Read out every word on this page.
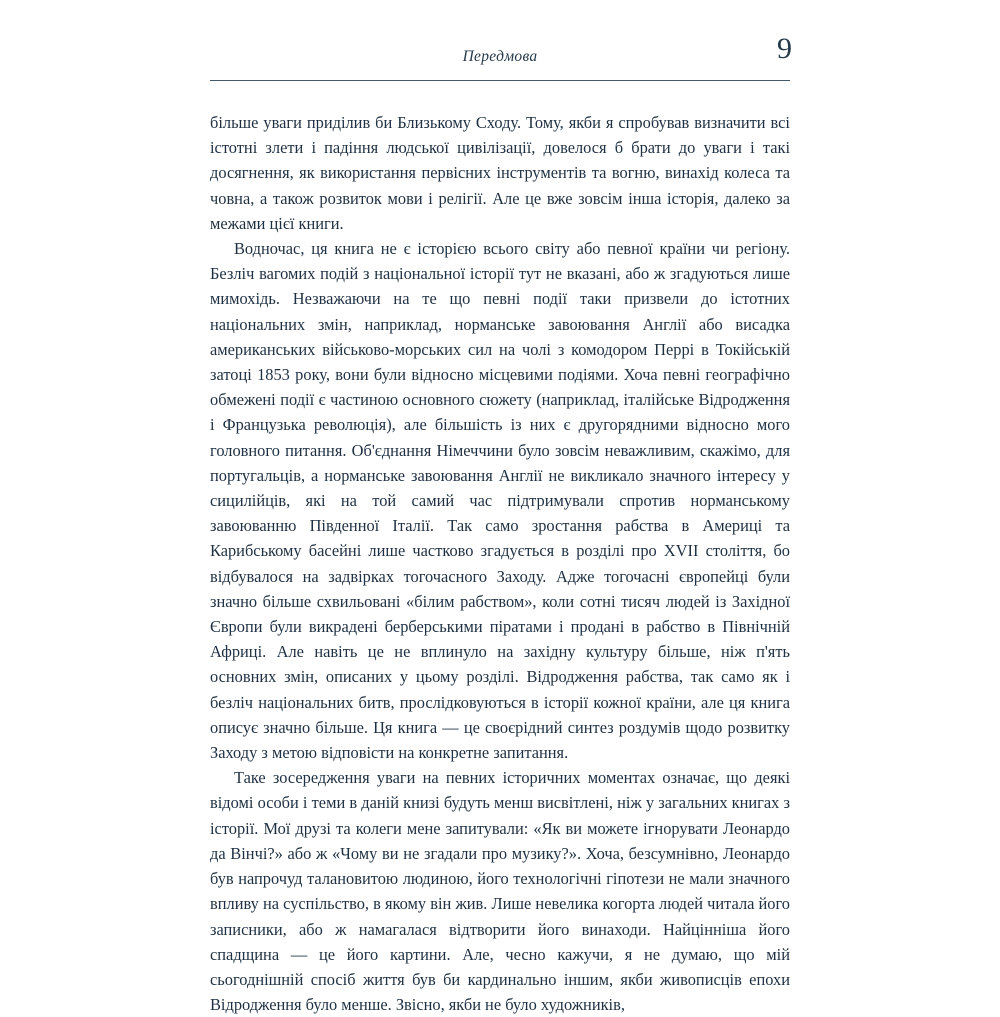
9
Передмова

більше уваги приділив би Близькому Сходу. Тому, якби я спробував визначити всі істотні злети і падіння людської цивілізації, довелося б брати до уваги і такі досягнення, як використання первісних інструментів та вогню, винахід колеса та човна, а також розвиток мови і релігії. Але це вже зовсім інша історія, далеко за межами цієї книги.

Водночас, ця книга не є історією всього світу або певної країни чи регіону. Безліч вагомих подій з національної історії тут не вказані, або ж згадуються лише мимохідь. Незважаючи на те що певні події таки призвели до істотних національних змін, наприклад, норманське завоювання Англії або висадка американських військово-морських сил на чолі з комодором Перрі в Токійській затоці 1853 року, вони були відносно місцевими подіями. Хоча певні географічно обмежені події є частиною основного сюжету (наприклад, італійське Відродження і Французька революція), але більшість із них є другорядними відносно мого головного питання. Об'єднання Німеччини було зовсім неважливим, скажімо, для португальців, а норманське завоювання Англії не викликало значного інтересу у сицилійців, які на той самий час підтримували спротив норманському завоюванню Південної Італії. Так само зростання рабства в Америці та Карибському басейні лише частково згадується в розділі про XVII століття, бо відбувалося на задвірках тогочасного Заходу. Адже тогочасні європейці були значно більше схвильовані «білим рабством», коли сотні тисяч людей із Західної Європи були викрадені берберськими піратами і продані в рабство в Північній Африці. Але навіть це не вплинуло на західну культуру більше, ніж п'ять основних змін, описаних у цьому розділі. Відродження рабства, так само як і безліч національних битв, прослідковуються в історії кожної країни, але ця книга описує значно більше. Ця книга — це своєрідний синтез роздумів щодо розвитку Заходу з метою відповісти на конкретне запитання.

Таке зосередження уваги на певних історичних моментах означає, що деякі відомі особи і теми в даній книзі будуть менш висвітлені, ніж у загальних книгах з історії. Мої друзі та колеги мене запитували: «Як ви можете ігнорувати Леонардо да Вінчі?» або ж «Чому ви не згадали про музику?». Хоча, безсумнівно, Леонардо був напрочуд талановитою людиною, його технологічні гіпотези не мали значного впливу на суспільство, в якому він жив. Лише невелика когорта людей читала його записники, або ж намагалася відтворити його винаходи. Найцінніша його спадщина — це його картини. Але, чесно кажучи, я не думаю, що мій сьогоднішній спосіб життя був би кардинально іншим, якби живописців епохи Відродження було менше. Звісно, якби не було художників,
